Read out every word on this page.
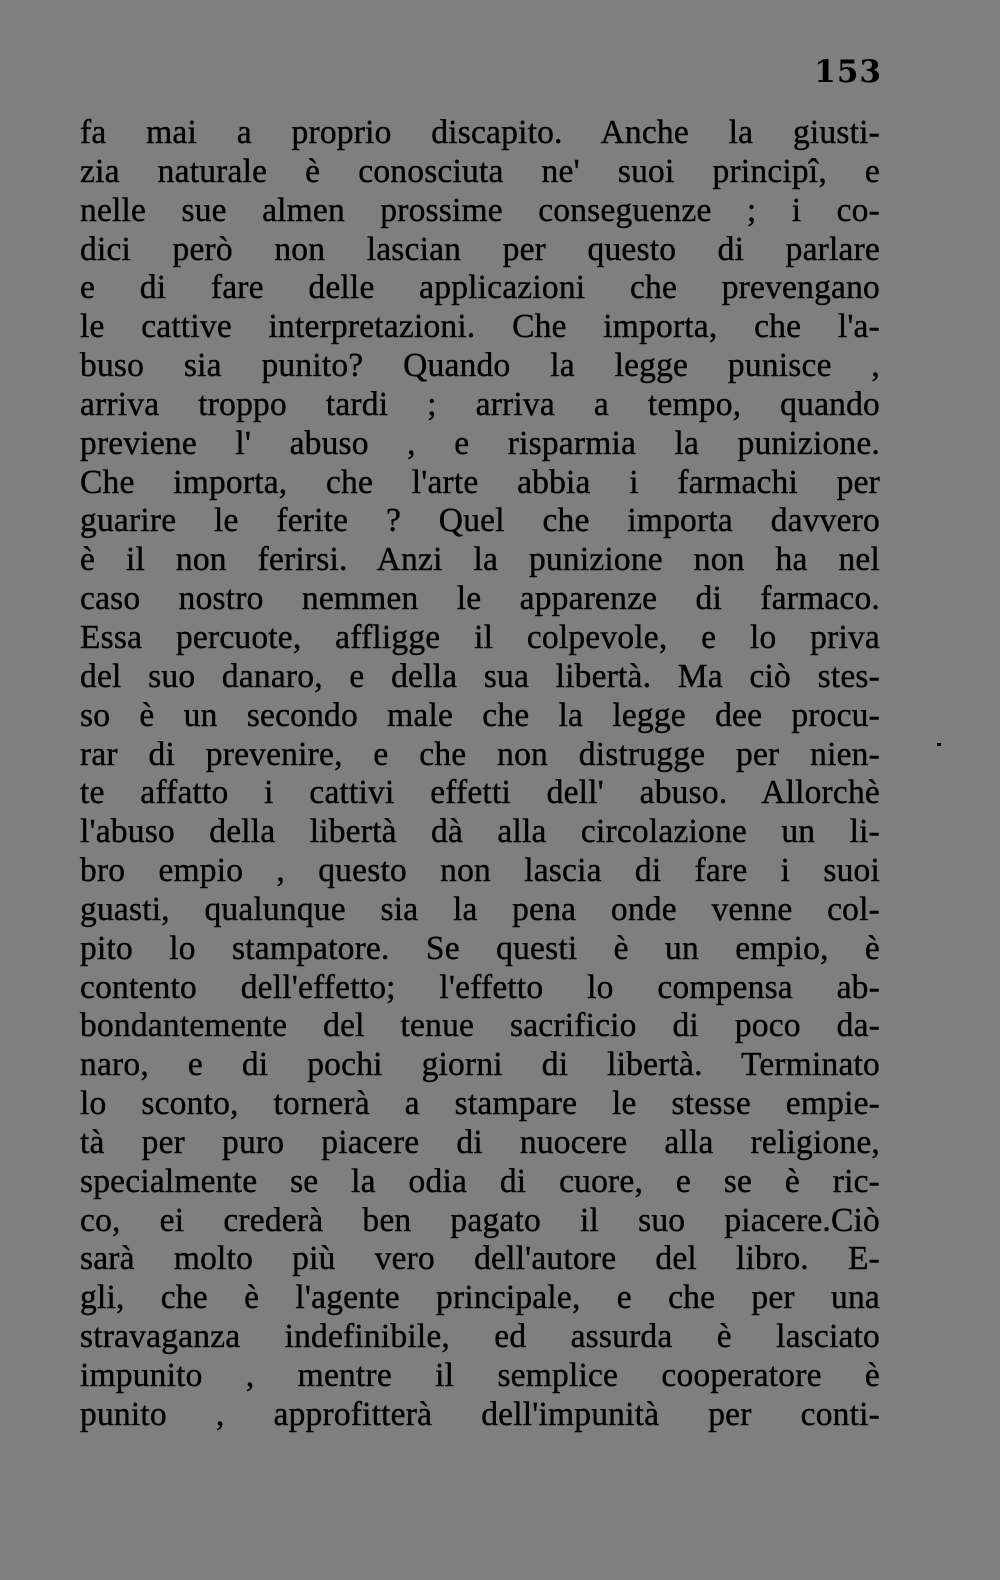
153
fa mai a proprio discapito. Anche la giusti-
zia naturale è conosciuta ne' suoi principî, e
nelle sue almen prossime conseguenze ; i co-
dici però non lascian per questo di parlare
e di fare delle applicazioni che prevengano
le cattive interpretazioni. Che importa, che l'a-
buso sia punito? Quando la legge punisce ,
arriva troppo tardi ; arriva a tempo, quando
previene l' abuso , e risparmia la punizione.
Che importa, che l'arte abbia i farmachi per
guarire le ferite ? Quel che importa davvero
è il non ferirsi. Anzi la punizione non ha nel
caso nostro nemmen le apparenze di farmaco.
Essa percuote, affligge il colpevole, e lo priva
del suo danaro, e della sua libertà. Ma ciò stes-
so è un secondo male che la legge dee procu-
rar di prevenire, e che non distrugge per nien-
te affatto i cattivi effetti dell' abuso. Allorchè
l'abuso della libertà dà alla circolazione un li-
bro empio , questo non lascia di fare i suoi
guasti, qualunque sia la pena onde venne col-
pito lo stampatore. Se questi è un empio, è
contento dell'effetto; l'effetto lo compensa ab-
bondantemente del tenue sacrificio di poco da-
naro, e di pochi giorni di libertà. Terminato
lo sconto, tornerà a stampare le stesse empie-
tà per puro piacere di nuocere alla religione,
specialmente se la odia di cuore, e se è ric-
co, ei crederà ben pagato il suo piacere.Ciò
sarà molto più vero dell'autore del libro. E-
gli, che è l'agente principale, e che per una
stravaganza indefinibile, ed assurda è lasciato
impunito , mentre il semplice cooperatore è
punito , approfitterà dell'impunità per conti-
